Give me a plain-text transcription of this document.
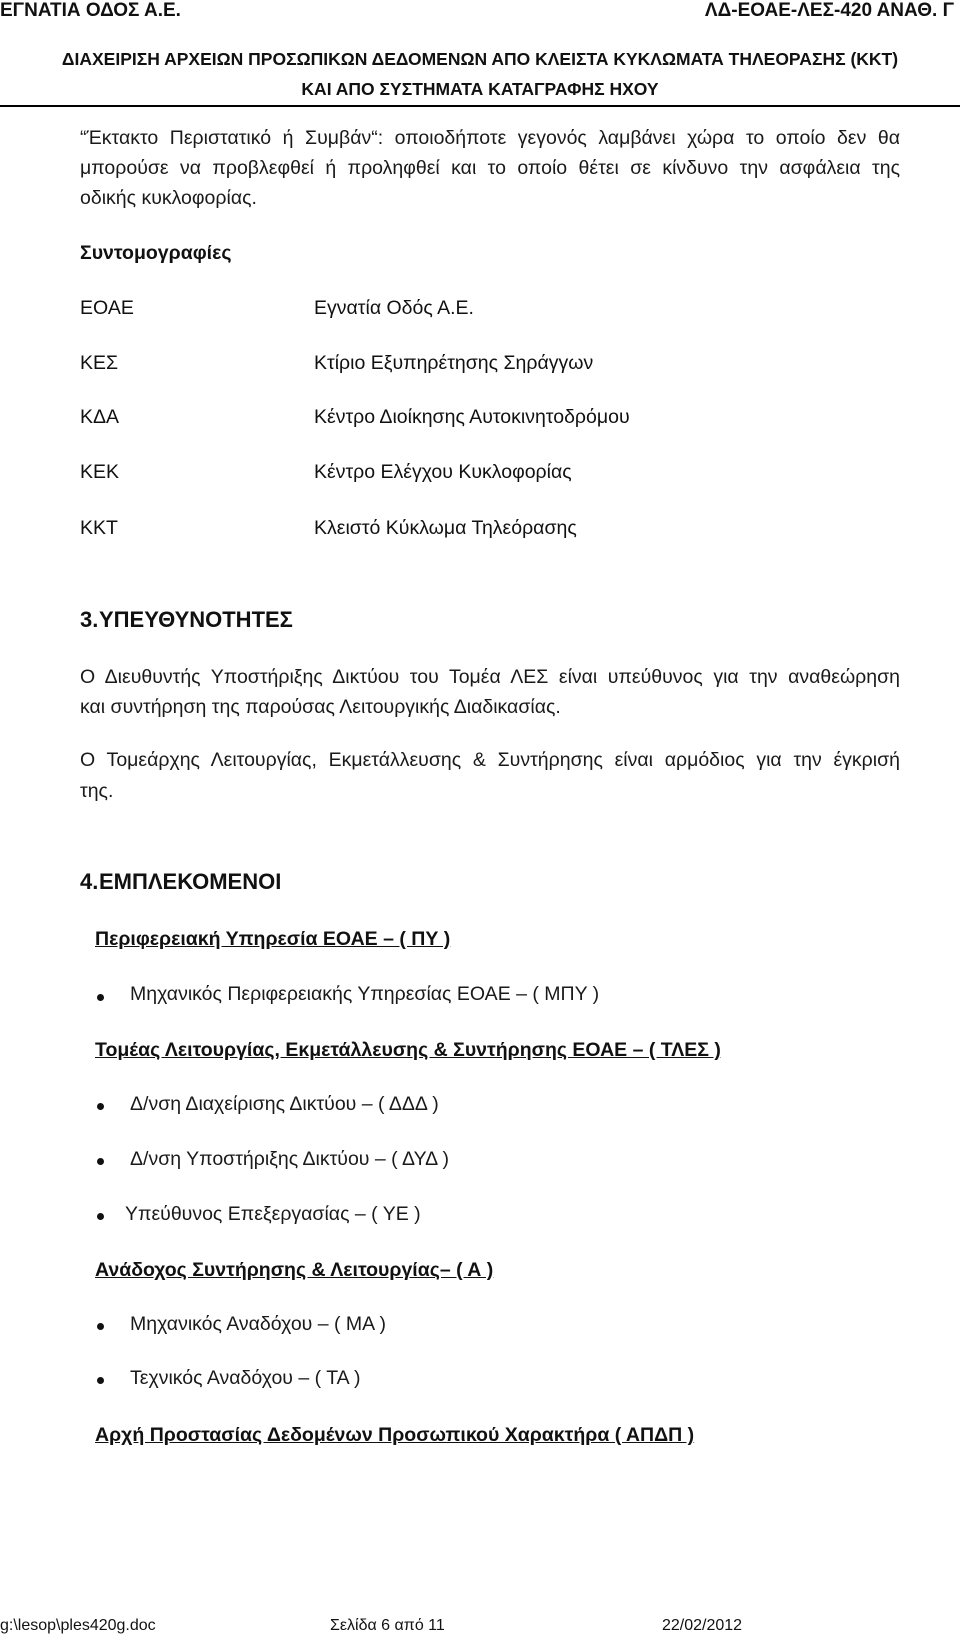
ΕΓΝΑΤΙΑ ΟΔΟΣ Α.Ε.	ΛΔ-ΕΟΑΕ-ΛΕΣ-420 ΑΝΑΘ. Γ
ΔΙΑΧΕΙΡΙΣΗ ΑΡΧΕΙΩΝ ΠΡΟΣΩΠΙΚΩΝ ΔΕΔΟΜΕΝΩΝ ΑΠΟ ΚΛΕΙΣΤΑ ΚΥΚΛΩΜΑΤΑ ΤΗΛΕΟΡΑΣΗΣ (ΚΚΤ)
ΚΑΙ ΑΠΟ ΣΥΣΤΗΜΑΤΑ ΚΑΤΑΓΡΑΦΗΣ ΗΧΟΥ
“Έκτακτο Περιστατικό ή Συμβάν“: οποιοδήποτε γεγονός λαμβάνει χώρα το οποίο δεν θα
μπορούσε να προβλεφθεί ή προληφθεί και το οποίο θέτει σε κίνδυνο την ασφάλεια της
οδικής κυκλοφορίας.
Συντομογραφίες
ΕΟΑΕ	Εγνατία Οδός Α.Ε.
ΚΕΣ	Κτίριο Εξυπηρέτησης Σηράγγων
ΚΔΑ	Κέντρο Διοίκησης Αυτοκινητοδρόμου
ΚΕΚ	Κέντρο Ελέγχου Κυκλοφορίας
ΚΚΤ	Κλειστό Κύκλωμα Τηλεόρασης
3. ΥΠΕΥΘΥΝΟΤΗΤΕΣ
Ο Διευθυντής Υποστήριξης Δικτύου του Τομέα ΛΕΣ είναι υπεύθυνος για την αναθεώρηση
και συντήρηση της παρούσας Λειτουργικής Διαδικασίας.
Ο Τομεάρχης Λειτουργίας, Εκμετάλλευσης & Συντήρησης είναι αρμόδιος για την έγκρισή
της.
4. ΕΜΠΛΕΚΟΜΕΝΟΙ
Περιφερειακή Υπηρεσία ΕΟΑΕ – ( ΠΥ )
Μηχανικός Περιφερειακής Υπηρεσίας ΕΟΑΕ – ( ΜΠΥ )
Τομέας Λειτουργίας, Εκμετάλλευσης & Συντήρησης ΕΟΑΕ – ( ΤΛΕΣ )
Δ/νση Διαχείρισης Δικτύου – ( ΔΔΔ )
Δ/νση Υποστήριξης Δικτύου – ( ΔΥΔ )
Υπεύθυνος Επεξεργασίας – ( ΥΕ )
Ανάδοχος Συντήρησης & Λειτουργίας– ( Α )
Μηχανικός Αναδόχου – ( ΜΑ )
Τεχνικός Αναδόχου – ( ΤΑ )
Αρχή Προστασίας Δεδομένων Προσωπικού Χαρακτήρα ( ΑΠΔΠ )
g:\lesop\ples420g.doc	Σελίδα 6 από 11	22/02/2012
